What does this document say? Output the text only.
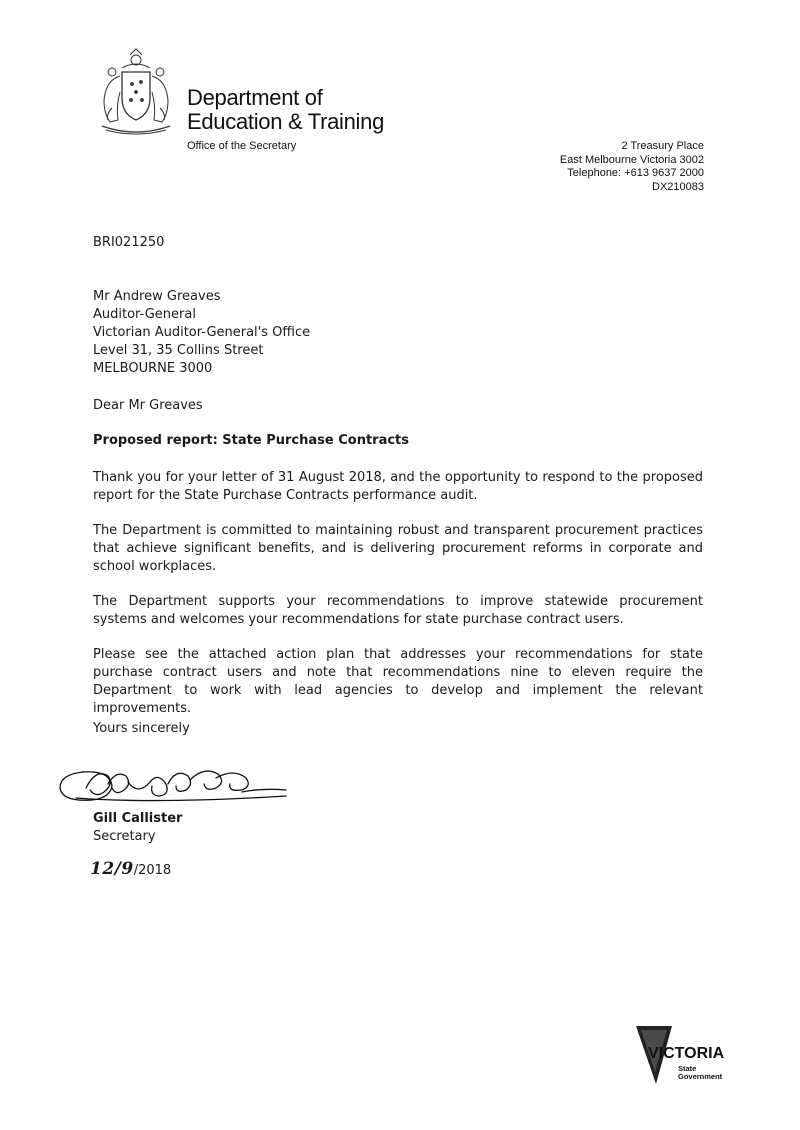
Department of
Education & Training
Office of the Secretary	2 Treasury Place
East Melbourne Victoria 3002
Telephone: +613 9637 2000
DX210083
BRI021250
Mr Andrew Greaves
Auditor-General
Victorian Auditor-General's Office
Level 31, 35 Collins Street
MELBOURNE 3000
Dear Mr Greaves
Proposed report: State Purchase Contracts

Thank you for your letter of 31 August 2018, and the opportunity to respond to the proposed report for the State Purchase Contracts performance audit.

The Department is committed to maintaining robust and transparent procurement practices that achieve significant benefits, and is delivering procurement reforms in corporate and school workplaces.

The Department supports your recommendations to improve statewide procurement systems and welcomes your recommendations for state purchase contract users.

Please see the attached action plan that addresses your recommendations for state purchase contract users and note that recommendations nine to eleven require the Department to work with lead agencies to develop and implement the relevant improvements.

Yours sincerely
Gill Callister
Secretary
12/9/2018
VICTORIA
State
Government
